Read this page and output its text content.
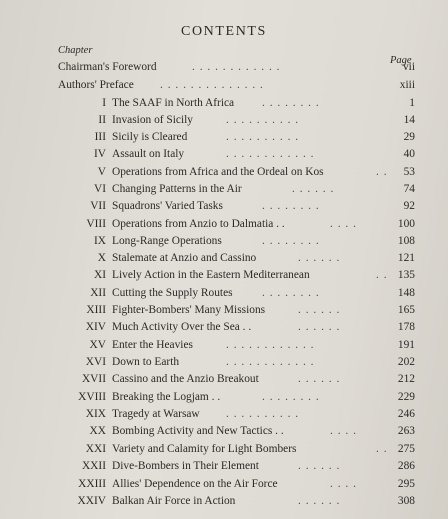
CONTENTS
Chapter
Page
Chairman's Foreword	. . . . . . . . . . . .	vii
Authors' Preface . . . . . . . . . . . . . .	xiii
I The SAAF in North Africa . . . . . . . .	1
II Invasion of Sicily	. . . . . . . . . .	14
III Sicily is Cleared	. . . . . . . . . .	29
IV Assault on Italy	. . . . . . . . . . . .	40
V Operations from Africa and the Ordeal on Kos	. . 53
VI Changing Patterns in the Air	. . . . . .	74
VII Squadrons' Varied Tasks	. . . . . . . .	92
VIII Operations from Anzio to Dalmatia . .	. . . .	100
IX Long-Range Operations	. . . . . . . .	108
X Stalemate at Anzio and Cassino	. . . . . .	121
XI Lively Action in the Eastern Mediterranean	. . 135
XII Cutting the Supply Routes	. . . . . . . .	148
XIII Fighter-Bombers' Many Missions	. . . . . .	165
XIV Much Activity Over the Sea . .	. . . . . .	178
XV Enter the Heavies	. . . . . . . . . . . .	191
XVI Down to Earth	. . . . . . . . . . . .	202
XVII Cassino and the Anzio Breakout	. . . . . .	212
XVIII Breaking the Logjam . .	. . . . . . . .	229
XIX Tragedy at Warsaw . . . . . . . . . .	246
XX Bombing Activity and New Tactics . .	. . . .	263
XXI Variety and Calamity for Light Bombers	. . 275
XXII Dive-Bombers in Their Element	. . . . . .	286
XXIII Allies' Dependence on the Air Force	. . . .	295
XXIV Balkan Air Force in Action	. . . . . .	308
